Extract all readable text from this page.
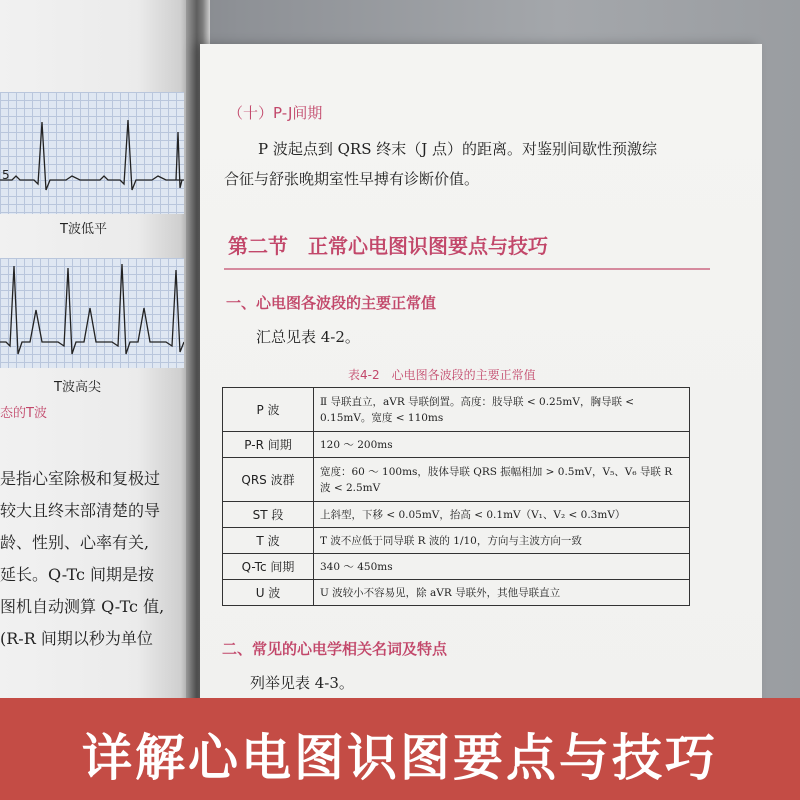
5
T波低平
T波高尖
态的T波
是指心室除极和复极过
较大且终末部清楚的导
龄、性别、心率有关,
延长。Q-Tc 间期是按
图机自动测算 Q-Tc 值,
(R-R 间期以秒为单位
（十）P-J间期
P 波起点到 QRS 终末（J 点）的距离。对鉴别间歇性预激综
合征与舒张晚期室性早搏有诊断价值。
第二节　正常心电图识图要点与技巧
一、心电图各波段的主要正常值
汇总见表 4-2。
表4-2　心电图各波段的主要正常值
P 波	Ⅱ 导联直立，aVR 导联倒置。高度：肢导联 < 0.25mV，胸导联 < 0.15mV。宽度 < 110ms
P-R 间期	120 ～ 200ms
QRS 波群	宽度：60 ～ 100ms，肢体导联 QRS 振幅相加 > 0.5mV，V₅、V₆ 导联 R 波 < 2.5mV
ST 段	上斜型，下移 < 0.05mV，抬高 < 0.1mV（V₁、V₂ < 0.3mV）
T 波	T 波不应低于同导联 R 波的 1/10，方向与主波方向一致
Q-Tc 间期	340 ～ 450ms
U 波	U 波较小不容易见，除 aVR 导联外，其他导联直立
二、常见的心电学相关名词及特点
列举见表 4-3。
详解心电图识图要点与技巧
